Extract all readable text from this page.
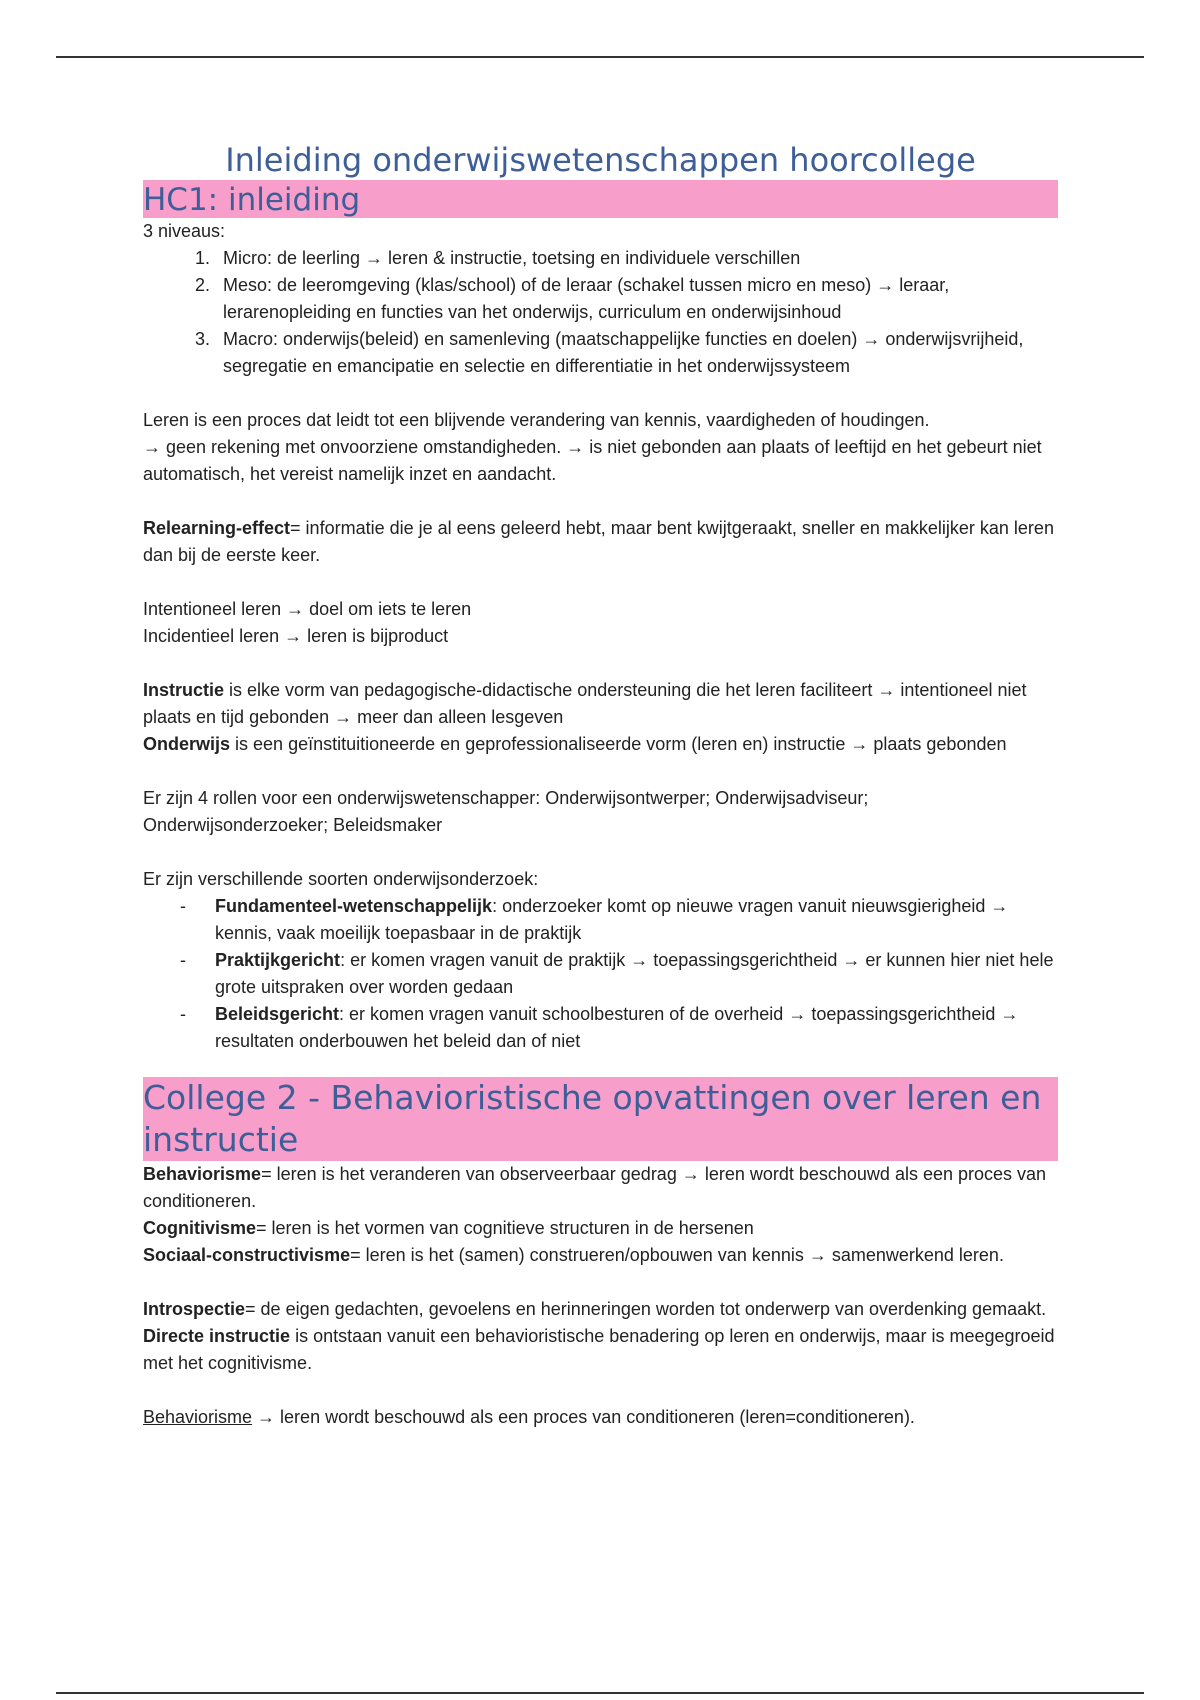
Inleiding onderwijswetenschappen hoorcollege
HC1: inleiding

3 niveaus:

1. Micro: de leerling → leren & instructie, toetsing en individuele verschillen
2. Meso: de leeromgeving (klas/school) of de leraar (schakel tussen micro en meso) → leraar, lerarenopleiding en functies van het onderwijs, curriculum en onderwijsinhoud
3. Macro: onderwijs(beleid) en samenleving (maatschappelijke functies en doelen) → onderwijsvrijheid, segregatie en emancipatie en selectie en differentiatie in het onderwijssysteem

Leren is een proces dat leidt tot een blijvende verandering van kennis, vaardigheden of houdingen.
→ geen rekening met onvoorziene omstandigheden. → is niet gebonden aan plaats of leeftijd en het gebeurt niet automatisch, het vereist namelijk inzet en aandacht.

Relearning-effect= informatie die je al eens geleerd hebt, maar bent kwijtgeraakt, sneller en makkelijker kan leren dan bij de eerste keer.

Intentioneel leren → doel om iets te leren
Incidentieel leren → leren is bijproduct

Instructie is elke vorm van pedagogische-didactische ondersteuning die het leren faciliteert → intentioneel niet plaats en tijd gebonden → meer dan alleen lesgeven

Onderwijs is een geïnstituitioneerde en geprofessionaliseerde vorm (leren en) instructie → plaats gebonden

Er zijn 4 rollen voor een onderwijswetenschapper: Onderwijsontwerper; Onderwijsadviseur; Onderwijsonderzoeker; Beleidsmaker

Er zijn verschillende soorten onderwijsonderzoek:

- Fundamenteel-wetenschappelijk: onderzoeker komt op nieuwe vragen vanuit nieuwsgierigheid → kennis, vaak moeilijk toepasbaar in de praktijk
- Praktijkgericht: er komen vragen vanuit de praktijk → toepassingsgerichtheid → er kunnen hier niet hele grote uitspraken over worden gedaan
- Beleidsgericht: er komen vragen vanuit schoolbesturen of de overheid → toepassingsgerichtheid → resultaten onderbouwen het beleid dan of niet
College 2 - Behavioristische opvattingen over leren en instructie

Behaviorisme= leren is het veranderen van observeerbaar gedrag → leren wordt beschouwd als een proces van conditioneren.

Cognitivisme= leren is het vormen van cognitieve structuren in de hersenen

Sociaal-constructivisme= leren is het (samen) construeren/opbouwen van kennis → samenwerkend leren.

Introspectie= de eigen gedachten, gevoelens en herinneringen worden tot onderwerp van overdenking gemaakt.

Directe instructie is ontstaan vanuit een behavioristische benadering op leren en onderwijs, maar is meegegroeid met het cognitivisme.

Behaviorisme → leren wordt beschouwd als een proces van conditioneren (leren=conditioneren).
